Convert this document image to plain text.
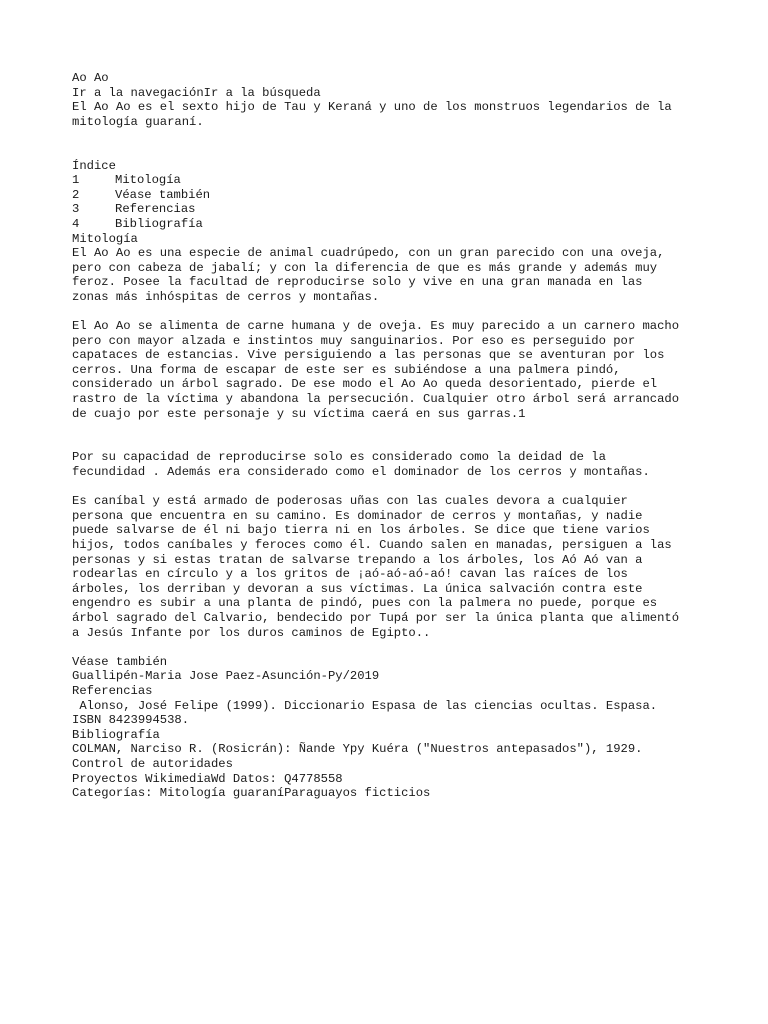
Ao Ao
Ir a la navegaciónIr a la búsqueda
El Ao Ao es el sexto hijo de Tau y Keraná y uno de los monstruos legendarios de la
mitología guaraní.
Índice
1	Mitología
2	Véase también
3	Referencias
4	Bibliografía
Mitología
El Ao Ao es una especie de animal cuadrúpedo, con un gran parecido con una oveja,
pero con cabeza de jabalí; y con la diferencia de que es más grande y además muy
feroz. Posee la facultad de reproducirse solo y vive en una gran manada en las
zonas más inhóspitas de cerros y montañas.
El Ao Ao se alimenta de carne humana y de oveja. Es muy parecido a un carnero macho
pero con mayor alzada e instintos muy sanguinarios. Por eso es perseguido por
capataces de estancias. Vive persiguiendo a las personas que se aventuran por los
cerros. Una forma de escapar de este ser es subiéndose a una palmera pindó,
considerado un árbol sagrado. De ese modo el Ao Ao queda desorientado, pierde el
rastro de la víctima y abandona la persecución. Cualquier otro árbol será arrancado
de cuajo por este personaje y su víctima caerá en sus garras.1
Por su capacidad de reproducirse solo es considerado como la deidad de la
fecundidad . Además era considerado como el dominador de los cerros y montañas.
Es caníbal y está armado de poderosas uñas con las cuales devora a cualquier
persona que encuentra en su camino. Es dominador de cerros y montañas, y nadie
puede salvarse de él ni bajo tierra ni en los árboles. Se dice que tiene varios
hijos, todos caníbales y feroces como él. Cuando salen en manadas, persiguen a las
personas y si estas tratan de salvarse trepando a los árboles, los Aó Aó van a
rodearlas en círculo y a los gritos de ¡aó-aó-aó-aó! cavan las raíces de los
árboles, los derriban y devoran a sus víctimas. La única salvación contra este
engendro es subir a una planta de pindó, pues con la palmera no puede, porque es
árbol sagrado del Calvario, bendecido por Tupá por ser la única planta que alimentó
a Jesús Infante por los duros caminos de Egipto..
Véase también
Guallipén-Maria Jose Paez-Asunción-Py/2019
Referencias
Alonso, José Felipe (1999). Diccionario Espasa de las ciencias ocultas. Espasa.
ISBN 8423994538.
Bibliografía
COLMAN, Narciso R. (Rosicrán): Ñande Ypy Kuéra ("Nuestros antepasados"), 1929.
Control de autoridades
Proyectos WikimediaWd Datos: Q4778558
Categorías: Mitología guaraníParaguayos ficticios
